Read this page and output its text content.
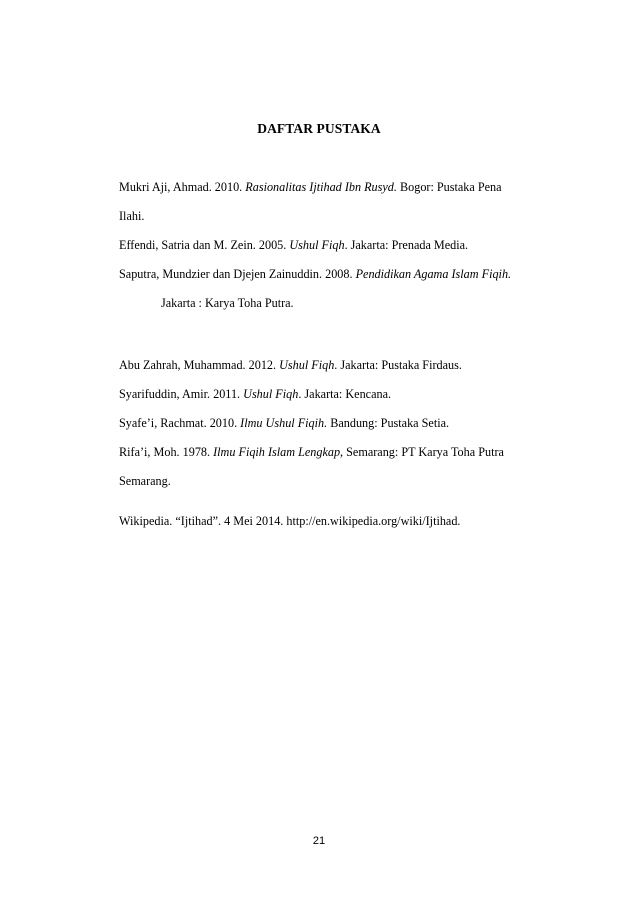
DAFTAR PUSTAKA
Mukri Aji, Ahmad. 2010. Rasionalitas Ijtihad Ibn Rusyd. Bogor: Pustaka Pena
Ilahi.
Effendi, Satria dan M. Zein. 2005. Ushul Fiqh. Jakarta: Prenada Media.
Saputra, Mundzier dan Djejen Zainuddin. 2008. Pendidikan Agama Islam Fiqih.
Jakarta : Karya Toha Putra.
Abu Zahrah, Muhammad. 2012. Ushul Fiqh. Jakarta: Pustaka Firdaus.
Syarifuddin, Amir. 2011. Ushul Fiqh. Jakarta: Kencana.
Syafe’i, Rachmat. 2010. Ilmu Ushul Fiqih. Bandung: Pustaka Setia.
Rifa’i, Moh. 1978. Ilmu Fiqih Islam Lengkap, Semarang: PT Karya Toha Putra
Semarang.
Wikipedia. “Ijtihad”. 4 Mei 2014. http://en.wikipedia.org/wiki/Ijtihad.
21
